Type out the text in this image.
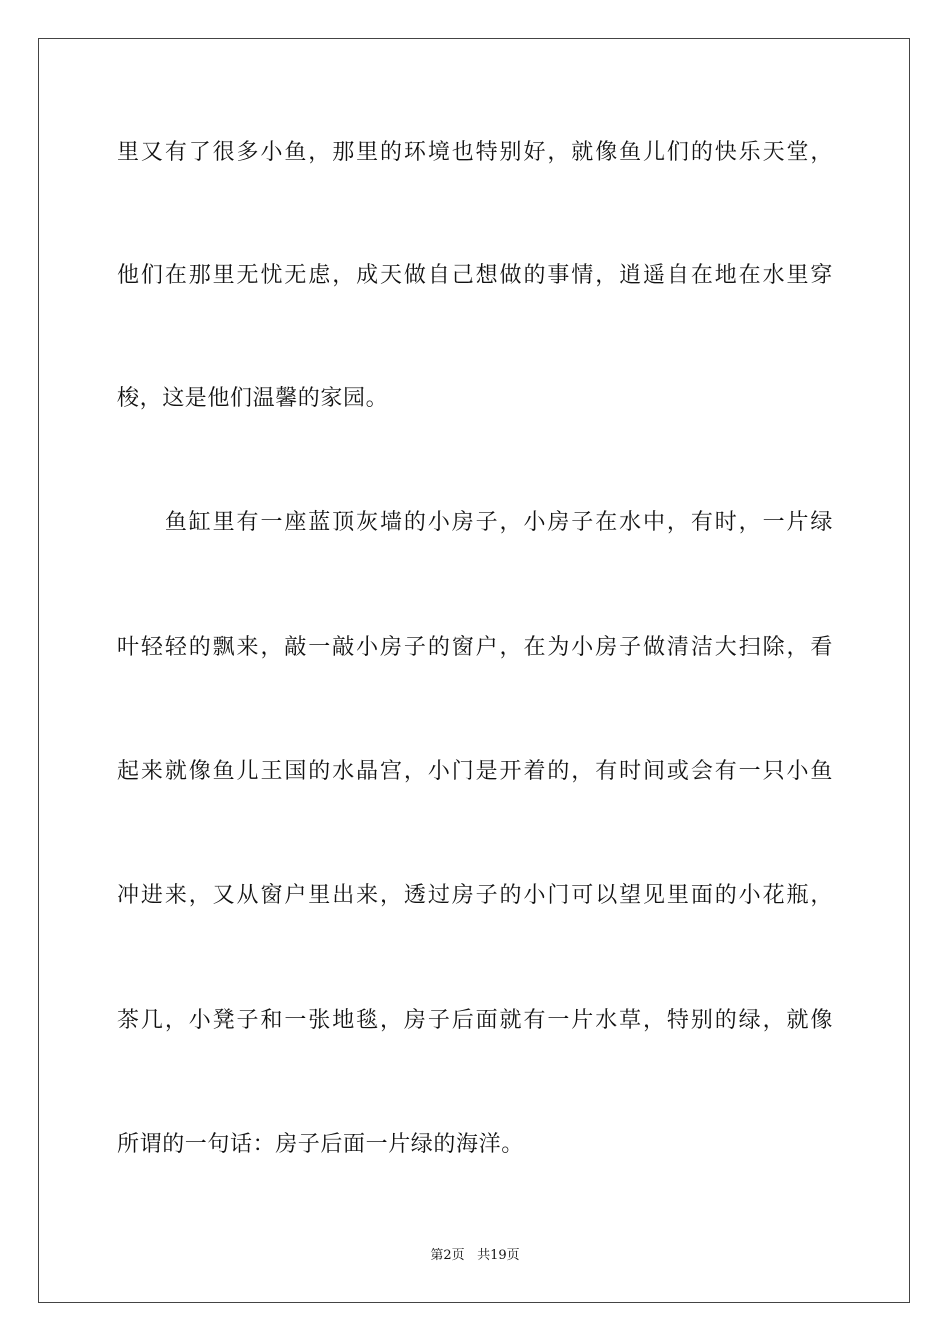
里又有了很多小鱼，那里的环境也特别好，就像鱼儿们的快乐天堂，
他们在那里无忧无虑，成天做自己想做的事情，逍遥自在地在水里穿
梭，这是他们温馨的家园。
　　鱼缸里有一座蓝顶灰墙的小房子，小房子在水中，有时，一片绿
叶轻轻的飘来，敲一敲小房子的窗户，在为小房子做清洁大扫除，看
起来就像鱼儿王国的水晶宫，小门是开着的，有时间或会有一只小鱼
冲进来，又从窗户里出来，透过房子的小门可以望见里面的小花瓶，
茶几，小凳子和一张地毯，房子后面就有一片水草，特别的绿，就像
所谓的一句话：房子后面一片绿的海洋。
第2页 共19页
